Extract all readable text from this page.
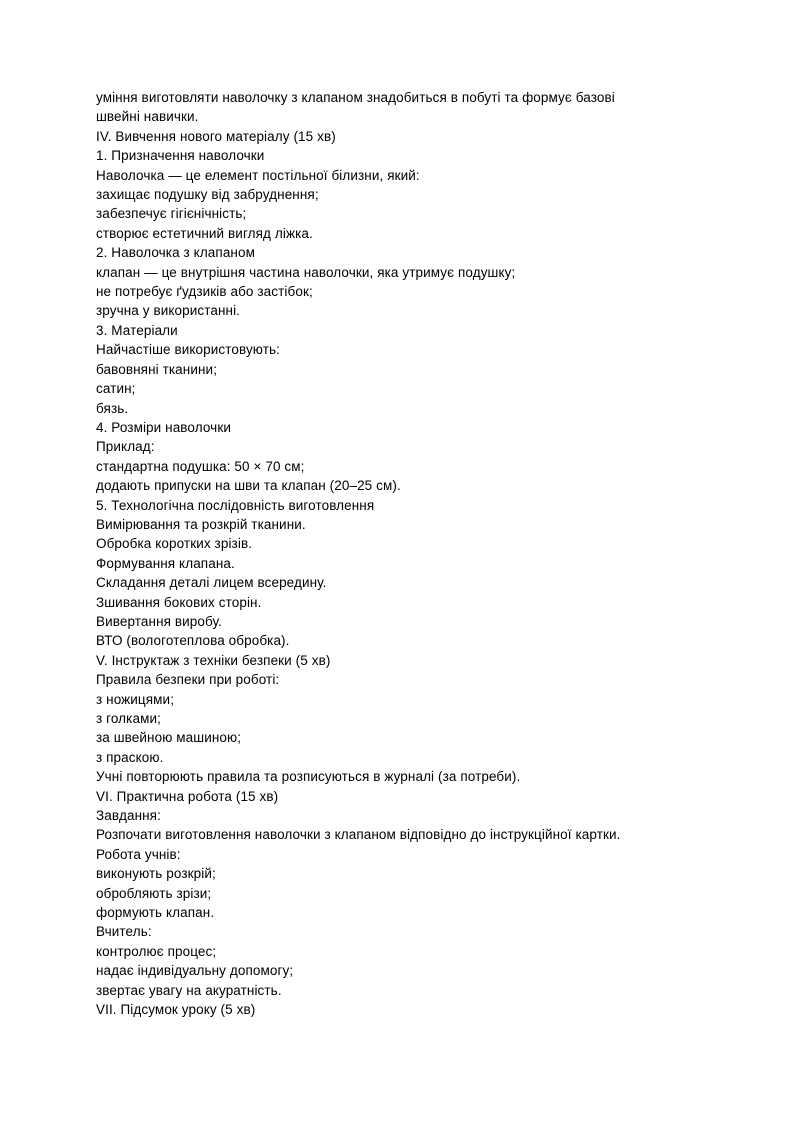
уміння виготовляти наволочку з клапаном знадобиться в побуті та формує базові
швейні навички.
IV. Вивчення нового матеріалу (15 хв)
1. Призначення наволочки
Наволочка — це елемент постільної білизни, який:
захищає подушку від забруднення;
забезпечує гігієнічність;
створює естетичний вигляд ліжка.
2. Наволочка з клапаном
клапан — це внутрішня частина наволочки, яка утримує подушку;
не потребує ґудзиків або застібок;
зручна у використанні.
3. Матеріали
Найчастіше використовують:
бавовняні тканини;
сатин;
бязь.
4. Розміри наволочки
Приклад:
стандартна подушка: 50 × 70 см;
додають припуски на шви та клапан (20–25 см).
5. Технологічна послідовність виготовлення
Вимірювання та розкрій тканини.
Обробка коротких зрізів.
Формування клапана.
Складання деталі лицем всередину.
Зшивання бокових сторін.
Вивертання виробу.
ВТО (вологотеплова обробка).
V. Інструктаж з техніки безпеки (5 хв)
Правила безпеки при роботі:
з ножицями;
з голками;
за швейною машиною;
з праскою.
Учні повторюють правила та розписуються в журналі (за потреби).
VI. Практична робота (15 хв)
Завдання:
Розпочати виготовлення наволочки з клапаном відповідно до інструкційної картки.
Робота учнів:
виконують розкрій;
обробляють зрізи;
формують клапан.
Вчитель:
контролює процес;
надає індивідуальну допомогу;
звертає увагу на акуратність.
VII. Підсумок уроку (5 хв)
